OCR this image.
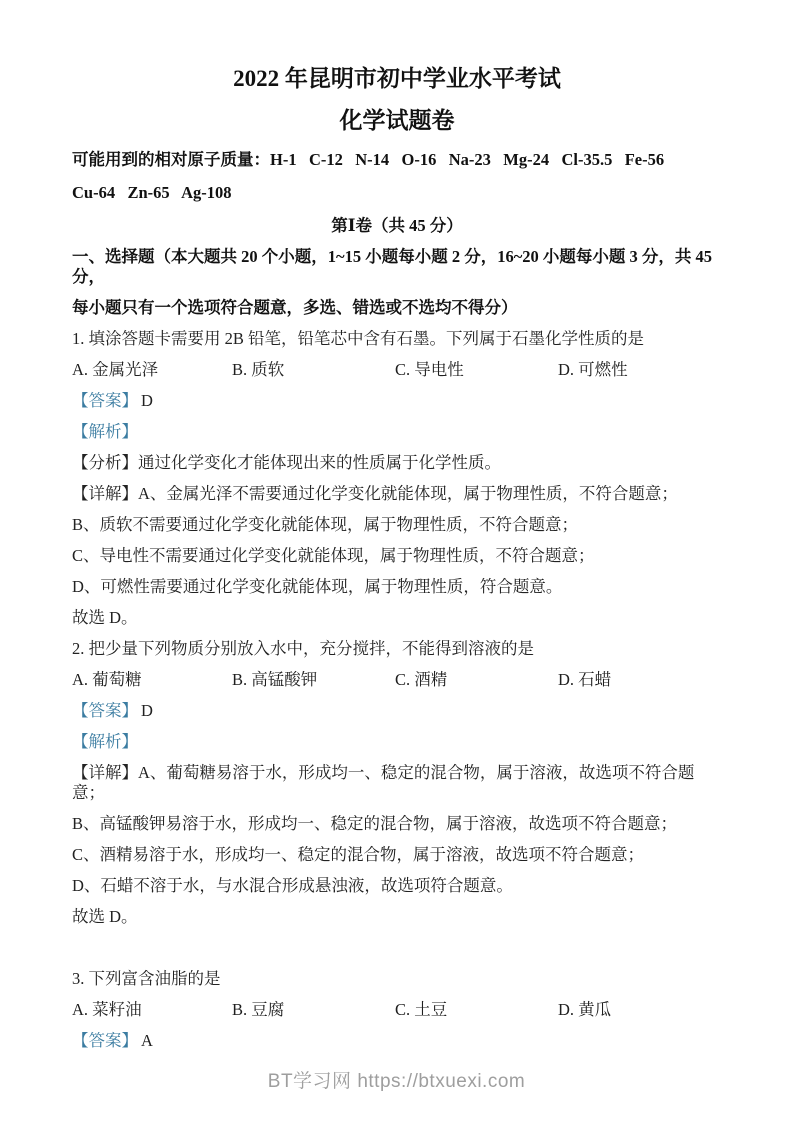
2022 年昆明市初中学业水平考试
化学试题卷

可能用到的相对原子质量：H-1   C-12   N-14   O-16   Na-23   Mg-24   Cl-35.5   Fe-56

Cu-64   Zn-65   Ag-108

第Ⅰ卷（共 45 分）

一、选择题（本大题共 20 个小题，1~15 小题每小题 2 分，16~20 小题每小题 3 分，共 45 分，

每小题只有一个选项符合题意，多选、错选或不选均不得分）

1. 填涂答题卡需要用 2B 铅笔，铅笔芯中含有石墨。下列属于石墨化学性质的是

A. 金属光泽	B. 质软	C. 导电性	D. 可燃性

【答案】 D

【解析】

【分析】通过化学变化才能体现出来的性质属于化学性质。

【详解】A、金属光泽不需要通过化学变化就能体现，属于物理性质，不符合题意；

B、质软不需要通过化学变化就能体现，属于物理性质，不符合题意；

C、导电性不需要通过化学变化就能体现，属于物理性质，不符合题意；

D、可燃性需要通过化学变化就能体现，属于物理性质，符合题意。

故选 D。

2. 把少量下列物质分别放入水中，充分搅拌，不能得到溶液的是

A. 葡萄糖	B. 高锰酸钾	C. 酒精	D. 石蜡

【答案】 D

【解析】

【详解】A、葡萄糖易溶于水，形成均一、稳定的混合物，属于溶液，故选项不符合题意；

B、高锰酸钾易溶于水，形成均一、稳定的混合物，属于溶液，故选项不符合题意；

C、酒精易溶于水，形成均一、稳定的混合物，属于溶液，故选项不符合题意；

D、石蜡不溶于水，与水混合形成悬浊液，故选项符合题意。

故选 D。

3. 下列富含油脂的是

A. 菜籽油	B. 豆腐	C. 土豆	D. 黄瓜

【答案】 A

BT学习网 https://btxuexi.com
